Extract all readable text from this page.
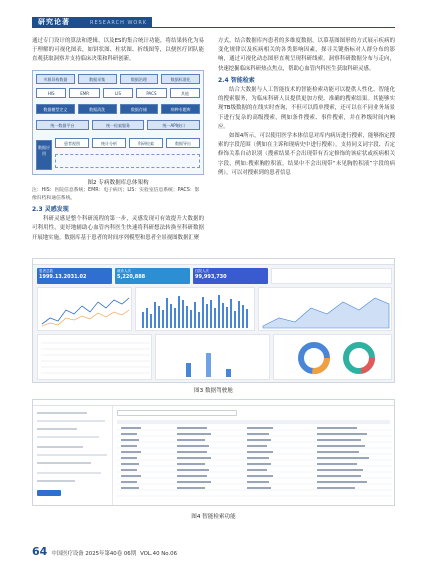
研究论著	RESEARCH WORK

通过专门设计的算法和逻辑，以及ES的集合统计功能，将结果转化为易于理解的可视化图表，如饼状图、柱状图、折线图等，以便医疗团队能直观获取洞察并支持临床决策和科研创新。

多源异构数据	数据采集	数据治理	数据标准化
HIS	EMR	LIS	PACS	其他
数据模型定义	数据清洗	数据存储	病种专题库
统一数据平台	统一检索服务	统一API接口
患者视图	统计分析	科研检索	数据导出
数据应用
图2 专病数据库总体架构
注：HIS：医院信息系统；EMR：电子病历；LIS：实验室信息系统；PACS：影像归档和通信系统。

2.3 灵感发现

科研灵感是整个科研流程的第一步，灵感发现可有效提升大数据的可利用性，更好地辅助心血管内科医生快速将科研想法转换至科研数据开展地实施。数据库基于患者的时间序列模型和患者全景视图数据汇聚

方式，结合数据库内患者的多维度数据，以慕基图图形的方式展示疾病的变化规律以及疾病相关的各类影响因素，探寻关键指标对人群分布的影响，通过可视化动态图形直观呈现科研线索，洞察科研数据分布与走向，快速挖掘临床科研热点焦点，帮助心血管内科医生获取科研灵感。

2.4 智能检索

结合大数据与人工智能技术的智能检索功能可以提供人性化、智能化的搜索服务，为临床科研人员提供更加方便、准确的搜索结果。其能够实现TB级数据的在线实时查询，不但可以简单搜索，还可以在不同业务场景下进行复杂的高级搜索，例如条件搜索、事件搜索，并在秒级时间内响应。

如图4所示，可以使用医学本体信息对库内病历进行搜索，能够指定搜索的字段范围（例如在主诉和现病史中进行搜索），支持同义词字段、否定修饰关系自动识别（搜索结果不会出现带有否定修饰的该症状或疾病相关字段，例如:搜索胸腔积液，结果中不会出现带“未见胸腔积液”字段的病例），可以对搜索到的患者信息

患者总数
1999.13.2031.02
就诊人次
5,220,888
住院人次
99,993,730
图3 数据驾驶舱
图4 智能检索功能
64 中国医疗设备 2025年第40卷 06期 VOL.40 No.06
